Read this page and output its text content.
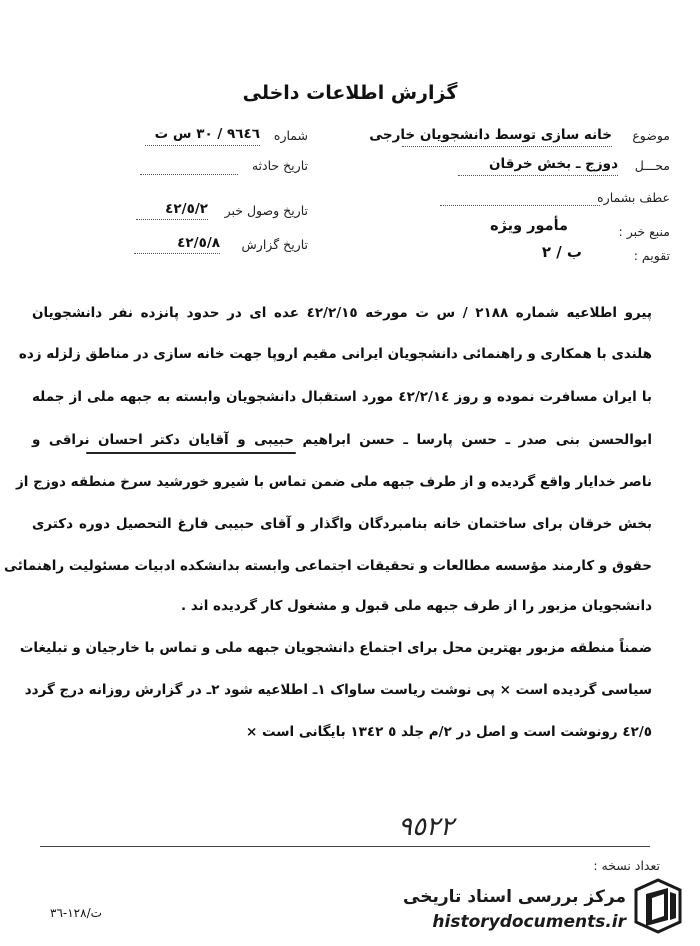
گزارش اطلاعات داخلی
موضوع
خانه سازی توسط دانشجویان خارجی
محـــل
دوزج ـ بخش خرقان
عطف بشماره
منبع خبر :
مأمور ویژه
تقویم :
ب / ٢
شماره
٩٦٤٦ / ٣٠ س ت
تاریخ حادثه
تاریخ وصول خبر
٤٢/٥/٢
تاریخ گزارش
٤٢/٥/٨
پیرو اطلاعیه شماره ٢١٨٨ / س ت مورخه ٤٢/٢/١٥ عده ای در حدود پانزده نفر دانشجویان
هلندی با همکاری و راهنمائی دانشجویان ایرانی مقیم اروپا جهت خانه سازی در مناطق زلزله زده
با ایران مسافرت نموده و روز ٤٢/٢/١٤ مورد استقبال دانشجویان وابسته به جبهه ملی از جمله
ابوالحسن بنی صدر ـ حسن پارسا ـ حسن ابراهیم حبیبی و آقایان دکتر احسان نراقی و
ناصر خدایار واقع گردیده و از طرف جبهه ملی ضمن تماس با شیرو خورشید سرخ منطقه دوزج از
بخش خرقان برای ساختمان خانه بنامبردگان واگذار و آقای حبیبی فارغ التحصیل دوره دکتری
حقوق و کارمند مؤسسه مطالعات و تحقیقات اجتماعی وابسته بدانشکده ادبیات مسئولیت راهنمائی
دانشجویان مزبور را از طرف جبهه ملی قبول و مشغول کار گردیده اند .
ضمناً منطقه مزبور بهترین محل برای اجتماع دانشجویان جبهه ملی و تماس با خارجیان و تبلیغات
سیاسی گردیده است × پی نوشت ریاست ساواک ١ـ اطلاعیه شود ٢ـ در گزارش روزانه درج گردد
٤٢/٥ رونوشت است و اصل در ٢/م جلد ٥ ١٣٤٢ بایگانی است ×
٩٥٢٢
تعداد نسخه :
ت/١٢٨-٣٦
مرکز بررسی اسناد تاریخی
historydocuments.ir
